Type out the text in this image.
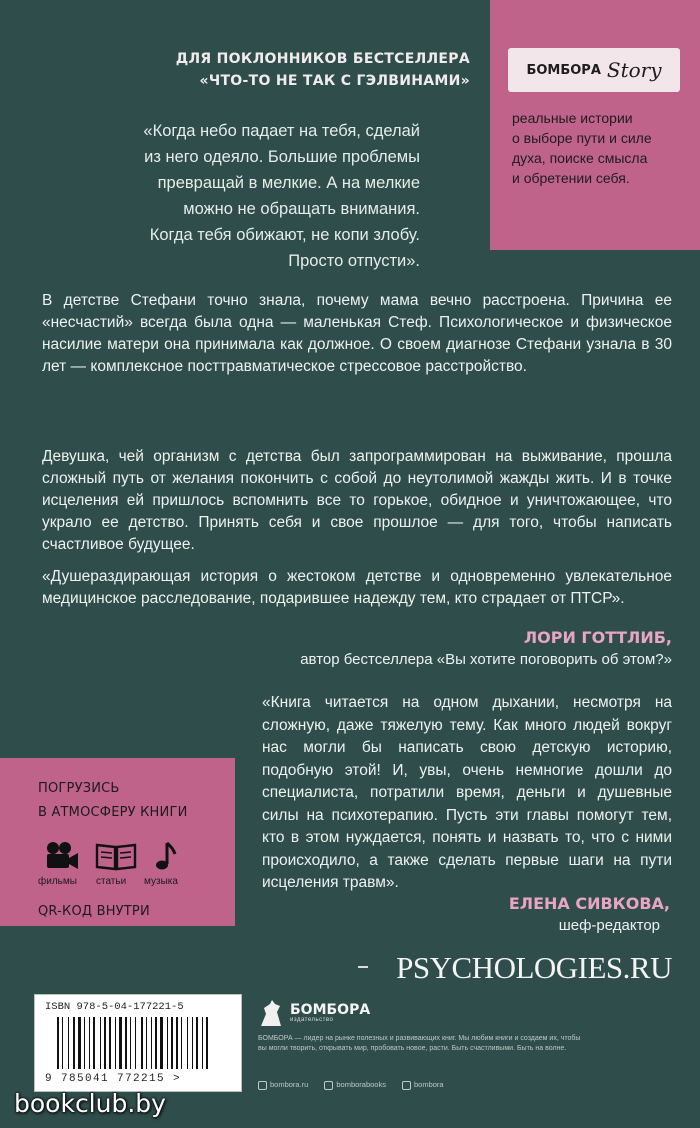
БОМБОРА Story
реальные истории
о выборе пути и силе
духа, поиске смысла
и обретении себя.
ДЛЯ ПОКЛОННИКОВ БЕСТСЕЛЛЕРА
«ЧТО-ТО НЕ ТАК С ГЭЛВИНАМИ»
«Когда небо падает на тебя, сделай
из него одеяло. Большие проблемы
превращай в мелкие. А на мелкие
можно не обращать внимания.
Когда тебя обижают, не копи злобу.
Просто отпусти».
В детстве Стефани точно знала, почему мама вечно расстроена. Причина ее «несчастий» всегда была одна — маленькая Стеф. Психологическое и физическое насилие матери она принимала как должное. О своем диагнозе Стефани узнала в 30 лет — комплексное посттравматическое стрессовое расстройство.
Девушка, чей организм с детства был запрограммирован на выживание, прошла сложный путь от желания покончить с собой до неутолимой жажды жить. И в точке исцеления ей пришлось вспомнить все то горькое, обидное и уничтожающее, что украло ее детство. Принять себя и свое прошлое — для того, чтобы написать счастливое будущее.
«Душераздирающая история о жестоком детстве и одновременно увлекательное медицинское расследование, подарившее надежду тем, кто страдает от ПТСР».
ЛОРИ ГОТТЛИБ,
автор бестселлера «Вы хотите поговорить об этом?»
ПОГРУЗИСЬ
В АТМОСФЕРУ КНИГИ
фильмы статьи музыка
QR-КОД ВНУТРИ
«Книга читается на одном дыхании, несмотря на сложную, даже тяжелую тему. Как много людей вокруг нас могли бы написать свою детскую историю, подобную этой! И, увы, очень немногие дошли до специалиста, потратили время, деньги и душевные силы на психотерапию. Пусть эти главы помогут тем, кто в этом нуждается, понять и назвать то, что с ними происходило, а также сделать первые шаги на пути исцеления травм».
ЕЛЕНА СИВКОВА,
шеф-редактор
PSYCHOLOGIES.RU
ISBN 978-5-04-177221-5
9 785041 772215 >
БОМБОРА
издательство
БОМБОРА — лидер на рынке полезных и развивающих книг. Мы любим книги и создаем их, чтобы вы могли творить, открывать мир, пробовать новое, расти. Быть счастливыми. Быть на волне.
bombora.ru	bomborabooks	bombora
bookclub.by
